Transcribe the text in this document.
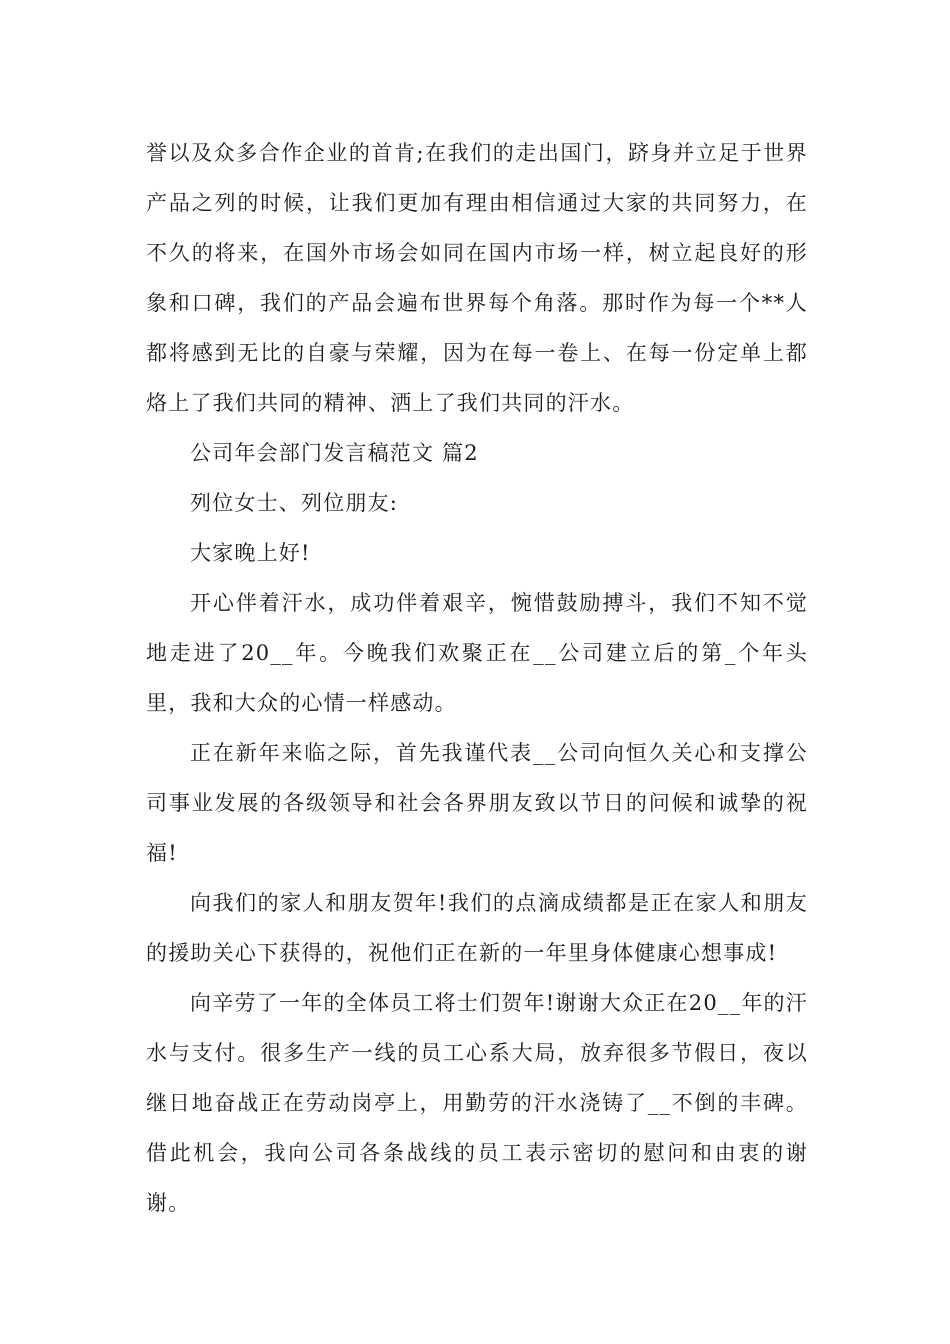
誉以及众多合作企业的首肯;在我们的走出国门，跻身并立足于世界产品之列的时候，让我们更加有理由相信通过大家的共同努力，在不久的将来，在国外市场会如同在国内市场一样，树立起良好的形象和口碑，我们的产品会遍布世界每个角落。那时作为每一个**人都将感到无比的自豪与荣耀，因为在每一卷上、在每一份定单上都烙上了我们共同的精神、洒上了我们共同的汗水。

公司年会部门发言稿范文 篇2

列位女士、列位朋友:

大家晚上好!

开心伴着汗水，成功伴着艰辛，惋惜鼓励搏斗，我们不知不觉地走进了20__年。今晚我们欢聚正在__公司建立后的第_个年头里，我和大众的心情一样感动。

正在新年来临之际，首先我谨代表__公司向恒久关心和支撑公司事业发展的各级领导和社会各界朋友致以节日的问候和诚挚的祝福!

向我们的家人和朋友贺年!我们的点滴成绩都是正在家人和朋友的援助关心下获得的，祝他们正在新的一年里身体健康心想事成!

向辛劳了一年的全体员工将士们贺年!谢谢大众正在20__年的汗水与支付。很多生产一线的员工心系大局，放弃很多节假日，夜以继日地奋战正在劳动岗亭上，用勤劳的汗水浇铸了__不倒的丰碑。借此机会，我向公司各条战线的员工表示密切的慰问和由衷的谢谢。
